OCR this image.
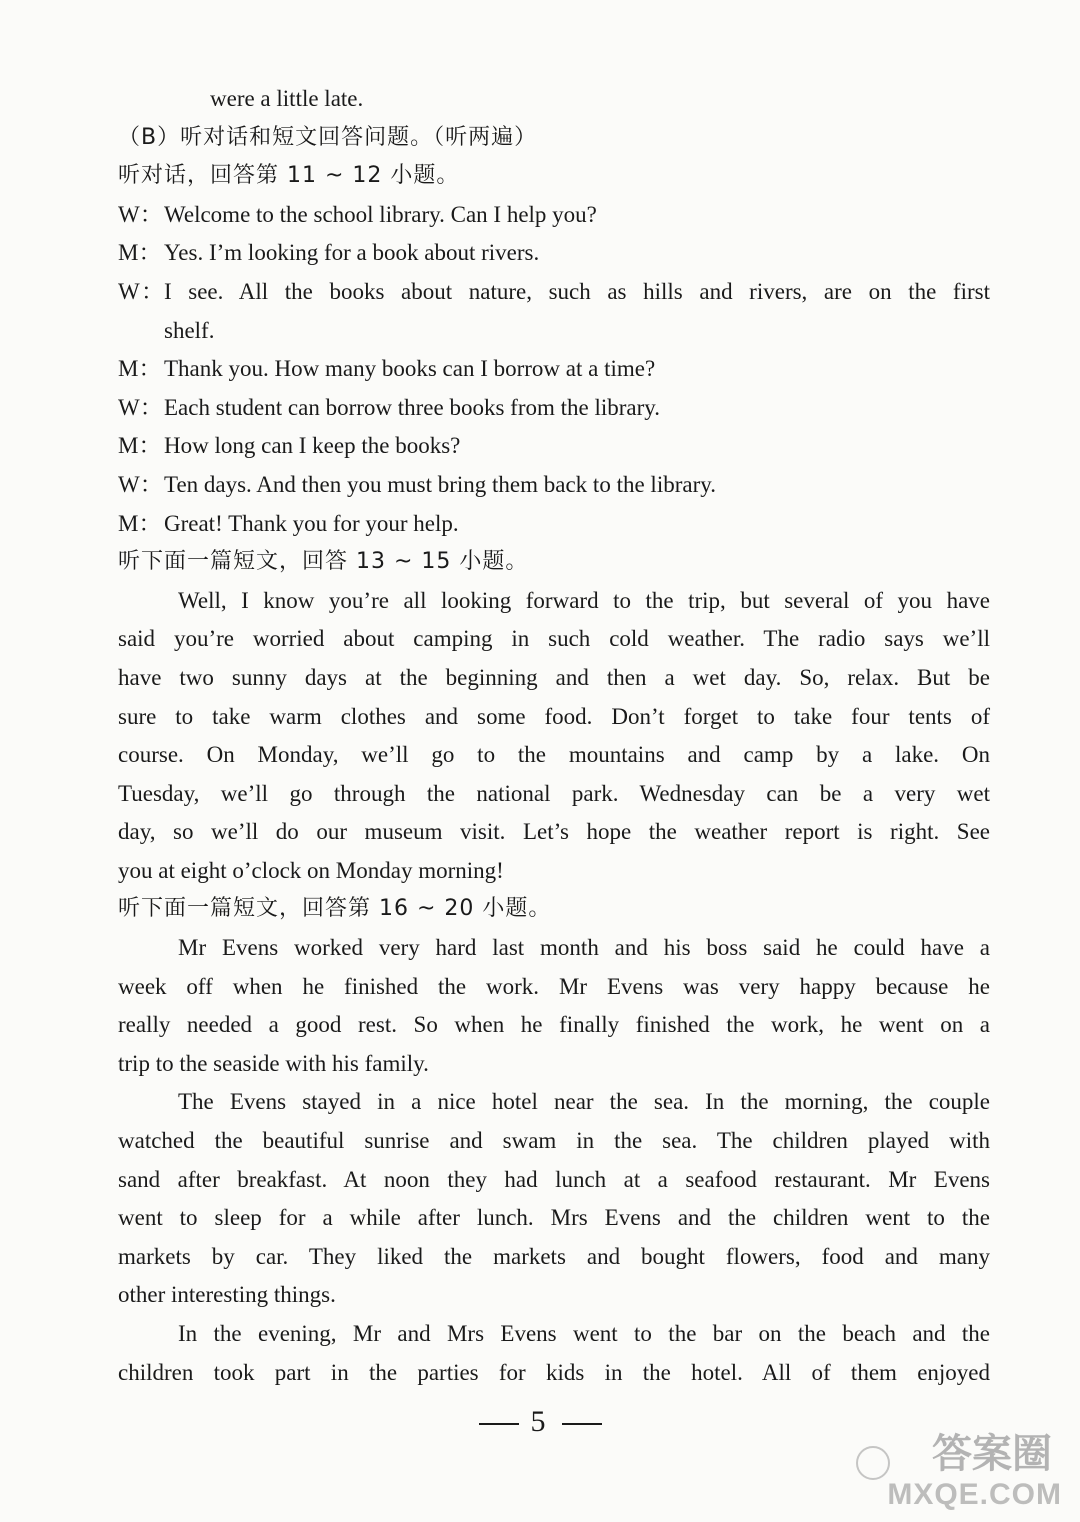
were a little late.
（B）听对话和短文回答问题。（听两遍）
听对话，回答第 11 ~ 12 小题。
W：Welcome to the school library. Can I help you?
M： Yes. I’m looking for a book about rivers.
W：I see. All the books about nature, such as hills and rivers, are on the first
shelf.
M： Thank you. How many books can I borrow at a time?
W：Each student can borrow three books from the library.
M： How long can I keep the books?
W：Ten days. And then you must bring them back to the library.
M： Great! Thank you for your help.
听下面一篇短文，回答 13 ~ 15 小题。
Well, I know you’re all looking forward to the trip, but several of you have
said you’re worried about camping in such cold weather. The radio says we’ll
have two sunny days at the beginning and then a wet day. So, relax. But be
sure to take warm clothes and some food. Don’t forget to take four tents of
course. On Monday, we’ll go to the mountains and camp by a lake. On
Tuesday, we’ll go through the national park. Wednesday can be a very wet
day, so we’ll do our museum visit. Let’s hope the weather report is right. See
you at eight o’clock on Monday morning!
听下面一篇短文，回答第 16 ~ 20 小题。
Mr Evens worked very hard last month and his boss said he could have a
week off when he finished the work. Mr Evens was very happy because he
really needed a good rest. So when he finally finished the work, he went on a
trip to the seaside with his family.
The Evens stayed in a nice hotel near the sea. In the morning, the couple
watched the beautiful sunrise and swam in the sea. The children played with
sand after breakfast. At noon they had lunch at a seafood restaurant. Mr Evens
went to sleep for a while after lunch. Mrs Evens and the children went to the
markets by car. They liked the markets and bought flowers, food and many
other interesting things.
In the evening, Mr and Mrs Evens went to the bar on the beach and the
children took part in the parties for kids in the hotel. All of them enjoyed
5
答案圈
MXQE.COM
